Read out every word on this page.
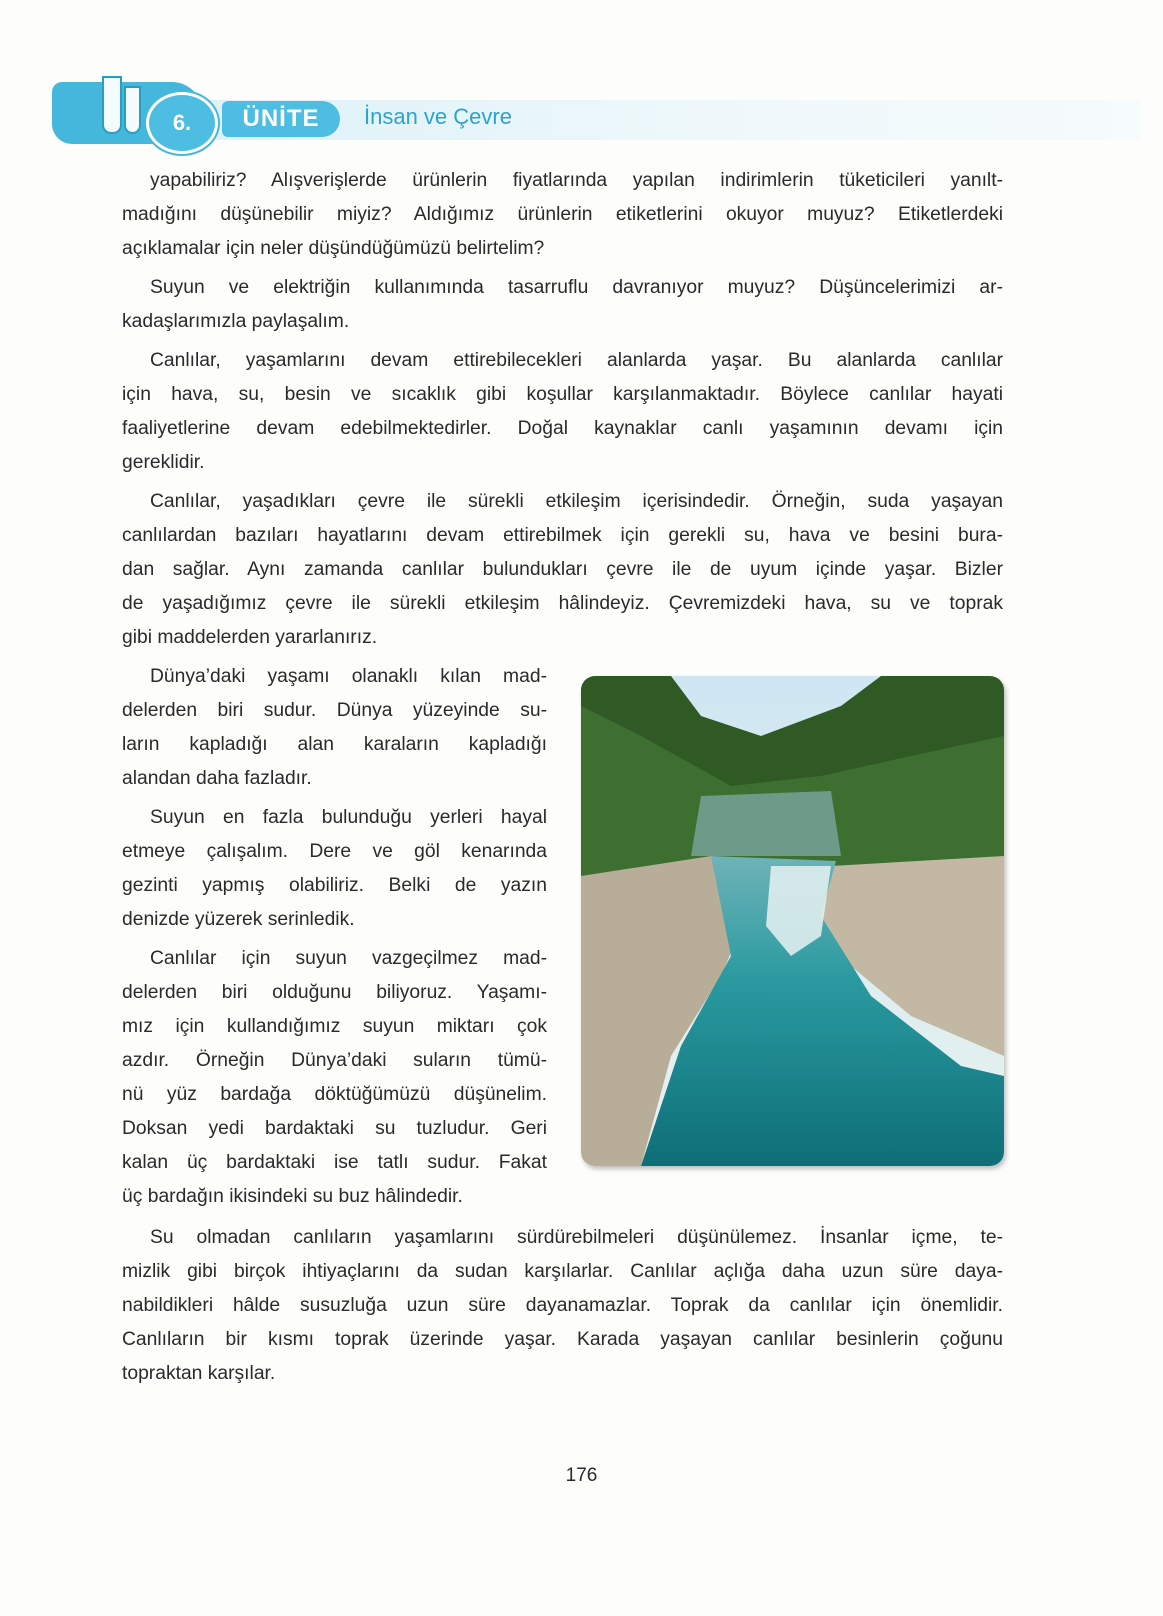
6.	ÜNİTE	İnsan ve Çevre
yapabiliriz? Alışverişlerde ürünlerin fiyatlarında yapılan indirimlerin tüketicileri yanılt-
madığını düşünebilir miyiz? Aldığımız ürünlerin etiketlerini okuyor muyuz? Etiketlerdeki
açıklamalar için neler düşündüğümüzü belirtelim?
Suyun ve elektriğin kullanımında tasarruflu davranıyor muyuz? Düşüncelerimizi ar-
kadaşlarımızla paylaşalım.
Canlılar, yaşamlarını devam ettirebilecekleri alanlarda yaşar. Bu alanlarda canlılar
için hava, su, besin ve sıcaklık gibi koşullar karşılanmaktadır. Böylece canlılar hayati
faaliyetlerine devam edebilmektedirler. Doğal kaynaklar canlı yaşamının devamı için
gereklidir.
Canlılar, yaşadıkları çevre ile sürekli etkileşim içerisindedir. Örneğin, suda yaşayan
canlılardan bazıları hayatlarını devam ettirebilmek için gerekli su, hava ve besini bura-
dan sağlar. Aynı zamanda canlılar bulundukları çevre ile de uyum içinde yaşar. Bizler
de yaşadığımız çevre ile sürekli etkileşim hâlindeyiz. Çevremizdeki hava, su ve toprak
gibi maddelerden yararlanırız.
Dünya’daki yaşamı olanaklı kılan mad-
delerden biri sudur. Dünya yüzeyinde su-
ların kapladığı alan karaların kapladığı
alandan daha fazladır.
Suyun en fazla bulunduğu yerleri hayal
etmeye çalışalım. Dere ve göl kenarında
gezinti yapmış olabiliriz. Belki de yazın
denizde yüzerek serinledik.
Canlılar için suyun vazgeçilmez mad-
delerden biri olduğunu biliyoruz. Yaşamı-
mız için kullandığımız suyun miktarı çok
azdır. Örneğin Dünya’daki suların tümü-
nü yüz bardağa döktüğümüzü düşünelim.
Doksan yedi bardaktaki su tuzludur. Geri
kalan üç bardaktaki ise tatlı sudur. Fakat
üç bardağın ikisindeki su buz hâlindedir.
Su olmadan canlıların yaşamlarını sürdürebilmeleri düşünülemez. İnsanlar içme, te-
mizlik gibi birçok ihtiyaçlarını da sudan karşılarlar. Canlılar açlığa daha uzun süre daya-
nabildikleri hâlde susuzluğa uzun süre dayanamazlar. Toprak da canlılar için önemlidir.
Canlıların bir kısmı toprak üzerinde yaşar. Karada yaşayan canlılar besinlerin çoğunu
topraktan karşılar.
176
